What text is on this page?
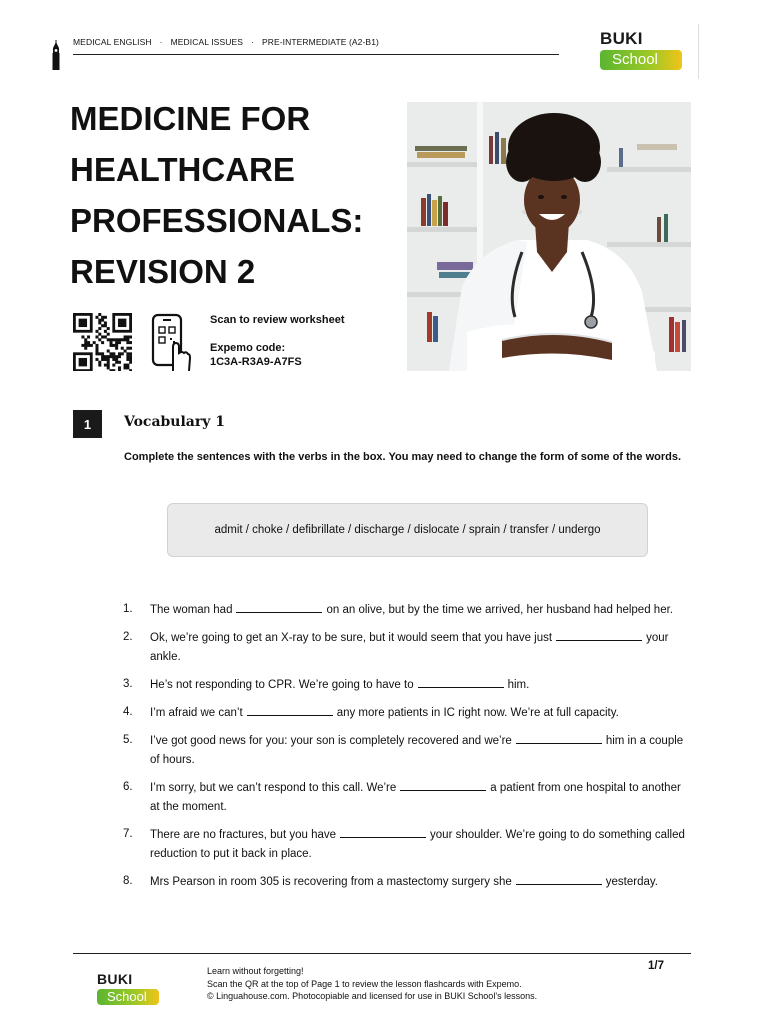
MEDICAL ENGLISH · MEDICAL ISSUES · PRE-INTERMEDIATE (A2-B1)	BUKI
School
MEDICINE FOR
HEALTHCARE
PROFESSIONALS:
REVISION 2
Scan to review worksheet
Expemo code:
1C3A-R3A9-A7FS
1	Vocabulary 1
Complete the sentences with the verbs in the box. You may need to change the form of some of the words.
admit / choke / defibrillate / discharge / dislocate / sprain / transfer / undergo
1.	The woman had	on an olive, but by the time we arrived, her husband had helped her.
2.	Ok, we’re going to get an X-ray to be sure, but it would seem that you have just	your ankle.
3.	He’s not responding to CPR. We’re going to have to	him.
4.	I’m afraid we can’t	any more patients in IC right now. We’re at full capacity.
5.	I’ve got good news for you: your son is completely recovered and we’re	him in a couple of hours.
6.	I’m sorry, but we can’t respond to this call. We’re	a patient from one hospital to another at the moment.
7.	There are no fractures, but you have	your shoulder. We’re going to do something called reduction to put it back in place.
8.	Mrs Pearson in room 305 is recovering from a mastectomy surgery she	yesterday.
BUKI
School
Learn without forgetting!
Scan the QR at the top of Page 1 to review the lesson flashcards with Expemo.
© Linguahouse.com. Photocopiable and licensed for use in BUKI School’s lessons.
1/7
